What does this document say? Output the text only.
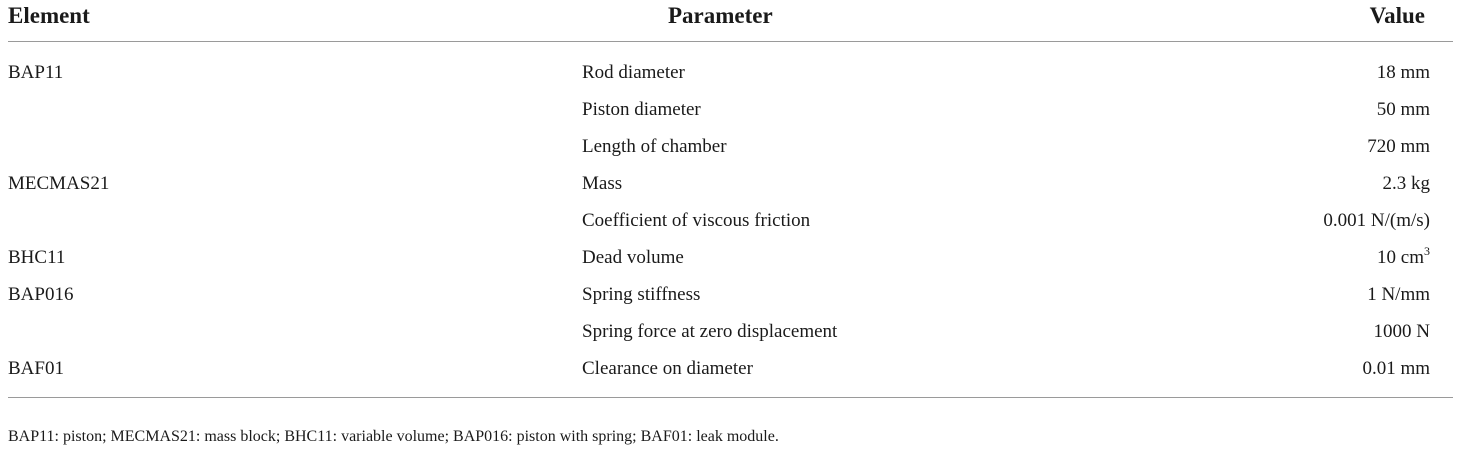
Element	Parameter	Value
BAP11	Rod diameter	18 mm
	Piston diameter	50 mm
	Length of chamber	720 mm
MECMAS21	Mass	2.3 kg
	Coefficient of viscous friction	0.001 N/(m/s)
BHC11	Dead volume	10 $cm^3$
BAP016	Spring stiffness	1 N/mm
	Spring force at zero displacement	1000 N
BAF01	Clearance on diameter	0.01 mm
BAP11: piston; MECMAS21: mass block; BHC11: variable volume; BAP016: piston with spring; BAF01: leak module.
